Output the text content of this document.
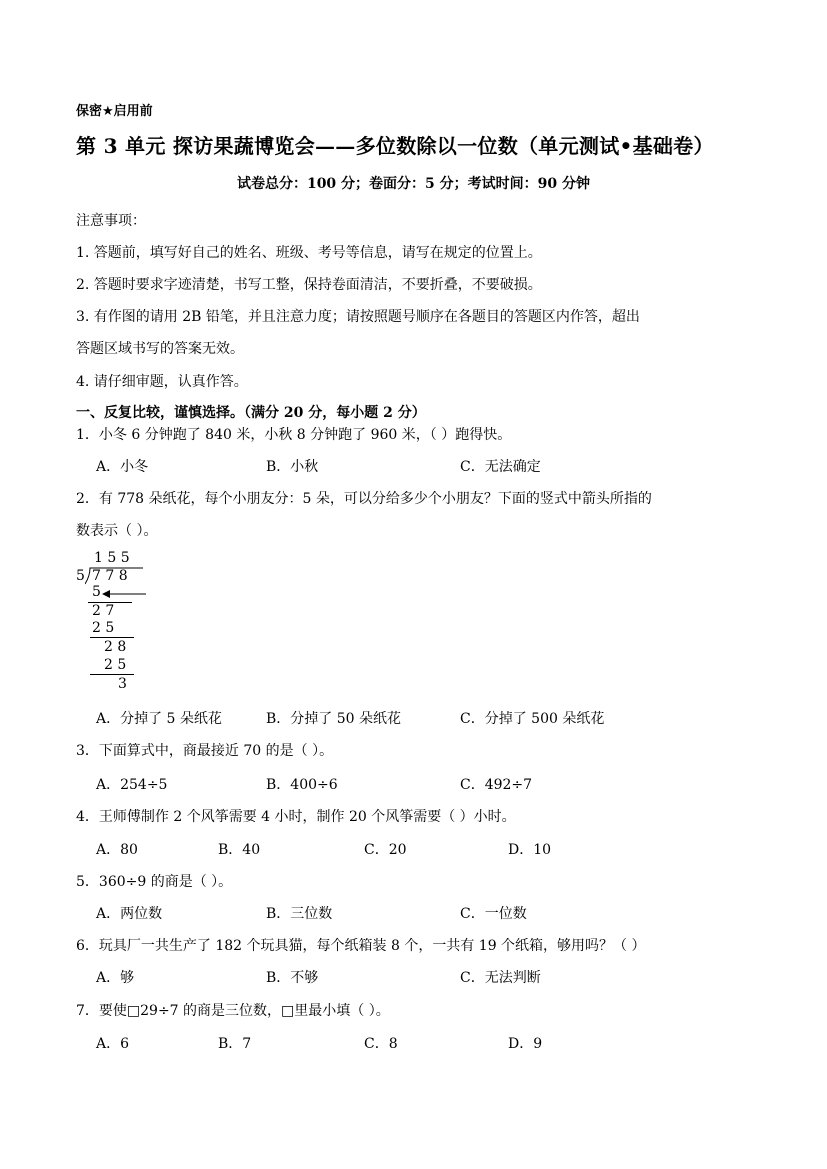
保密★启用前
第 3 单元 探访果蔬博览会——多位数除以一位数（单元测试•基础卷）
试卷总分：100 分；卷面分：5 分；考试时间：90 分钟
注意事项：
1. 答题前，填写好自己的姓名、班级、考号等信息，请写在规定的位置上。
2. 答题时要求字迹清楚，书写工整，保持卷面清洁，不要折叠，不要破损。
3. 有作图的请用 2B 铅笔，并且注意力度；请按照题号顺序在各题目的答题区内作答，超出
答题区域书写的答案无效。
4. 请仔细审题，认真作答。
一、反复比较，谨慎选择。（满分 20 分，每小题 2 分）
1．小冬 6 分钟跑了 840 米，小秋 8 分钟跑了 960 米，（ ）跑得快。
A．小冬	B．小秋	C．无法确定
2．有 778 朵纸花，每个小朋友分：5 朵，可以分给多少个小朋友？下面的竖式中箭头所指的
数表示（ ）。
1 5 5
5 7 7 8
5
2 7
2 5
2 8
2 5
3
A．分掉了 5 朵纸花	B．分掉了 50 朵纸花	C．分掉了 500 朵纸花
3．下面算式中，商最接近 70 的是（ ）。
A．254÷5	B．400÷6	C．492÷7
4．王师傅制作 2 个风筝需要 4 小时，制作 20 个风筝需要（ ）小时。
A．80	B．40	C．20	D．10
5．360÷9 的商是（ ）。
A．两位数	B．三位数	C．一位数
6．玩具厂一共生产了 182 个玩具猫，每个纸箱装 8 个，一共有 19 个纸箱，够用吗？（ ）
A．够	B．不够	C．无法判断
7．要使□29÷7 的商是三位数，□里最小填（ ）。
A．6	B．7	C．8	D．9
